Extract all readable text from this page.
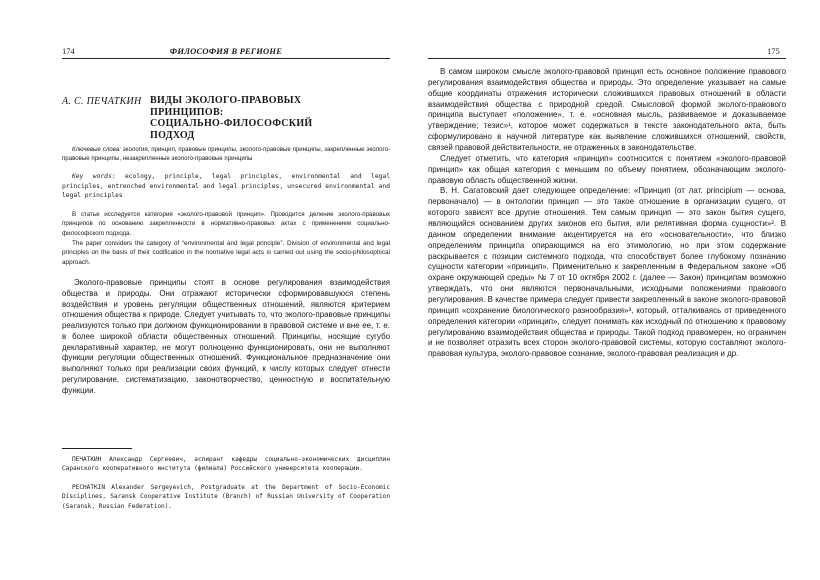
174	ФИЛОСОФИЯ В РЕГИОНЕ
А. С. ПЕЧАТКИН ВИДЫ ЭКОЛОГО-ПРАВОВЫХ
ПРИНЦИПОВ:
СОЦИАЛЬНО-ФИЛОСОФСКИЙ
ПОДХОД
Ключевые слова: экология, принцип, правовые принципы, эколого-правовые принципы, закрепленные эколого-правовые принципы, незакрепленные эколого-правовые принципы
Key words: ecology, principle, legal principles, environmental and legal principles, entrenched environmental and legal principles, unsecured environmental and legal principles
В статье исследуется категория «эколого-правовой принцип». Проводится деление эколого-правовых принципов по основанию закрепленности в нормативно-правовых актах с применением социально-философского подхода.
The paper considers the category of “environmental and legal principle”. Division of environmental and legal principles on the basis of their codification in the normative legal acts is carried out using the socio-philosophical approach.
Эколого-правовые принципы стоят в основе регулирования взаимодействия общества и природы. Они отражают исторически сформировавшуюся степень воздействия и уровень регуляции общественных отношений, являются критерием отношения общества к природе. Следует учитывать то, что эколого-правовые принципы реализуются только при должном функционировании в правовой системе и вне ее, т. е. в более широкой области общественных отношений. Принципы, носящие сугубо декларативный характер, не могут полноценно функционировать, они не выполняют функции регуляции общественных отношений. Функциональное предназначение они выполняют только при реализации своих функций, к числу которых следует отнести регулирование, систематизацию, законотворчество, ценностную и воспитательную функции.
ПЕЧАТКИН Александр Сергеевич, аспирант кафедры социально-экономических дисциплин Саранского кооперативного института (филиала) Российского университета кооперации.
PECHATKIN Alexander Sergeyevich, Postgraduate at the Department of Socio-Economic Disciplines, Saransk Cooperative Institute (Branch) of Russian University of Cooperation (Saransk, Russian Federation).
175

В самом широком смысле эколого-правовой принцип есть основное положение правового регулирования взаимодействия общества и природы. Это определение указывает на самые общие координаты отражения исторически сложившихся правовых отношений в области взаимодействия общества с природной средой. Смысловой формой эколого-правового принципа выступает «положение», т. е. «основная мысль, развиваемое и доказываемое утверждение; тезис»¹, которое может содержаться в тексте законодательного акта, быть сформулировано в научной литературе как выявление сложившихся отношений, свойств, связей правовой действительности, не отраженных в законодательстве.

Следует отметить, что категория «принцип» соотносится с понятием «эколого-правовой принцип» как общая категория с меньшим по объему понятием, обозначающим эколого-правовую область общественной жизни.

В. Н. Сагатовский дает следующее определение: «Принцип (от лат. principium — основа, первоначало) — в онтологии принцип — это такое отношение в организации сущего, от которого зависят все другие отношения. Тем самым принцип — это закон бытия сущего, являющийся основанием других законов его бытия, или релятивная форма сущности»². В данном определении внимание акцентируется на его «основательности», что близко определениям принципа опирающимся на его этимологию, но при этом содержание раскрывается с позиции системного подхода, что способствует более глубокому познанию сущности категории «принцип». Применительно к закрепленным в Федеральном законе «Об охране окружающей среды» № 7 от 10 октября 2002 г. (далее — Закон) принципам возможно утверждать, что они являются первоначальными, исходными положениями правового регулирования. В качестве примера следует привести закрепленный в законе эколого-правовой принцип «сохранение биологического разнообразия»³, который, отталкиваясь от приведенного определения категории «принцип», следует понимать как исходный по отношению к правовому регулированию взаимодействия общества и природы. Такой подход правомерен, но ограничен и не позволяет отразить всех сторон эколого-правовой системы, которую составляют эколого-правовая культура, эколого-правовое сознание, эколого-правовая реализация и др.
